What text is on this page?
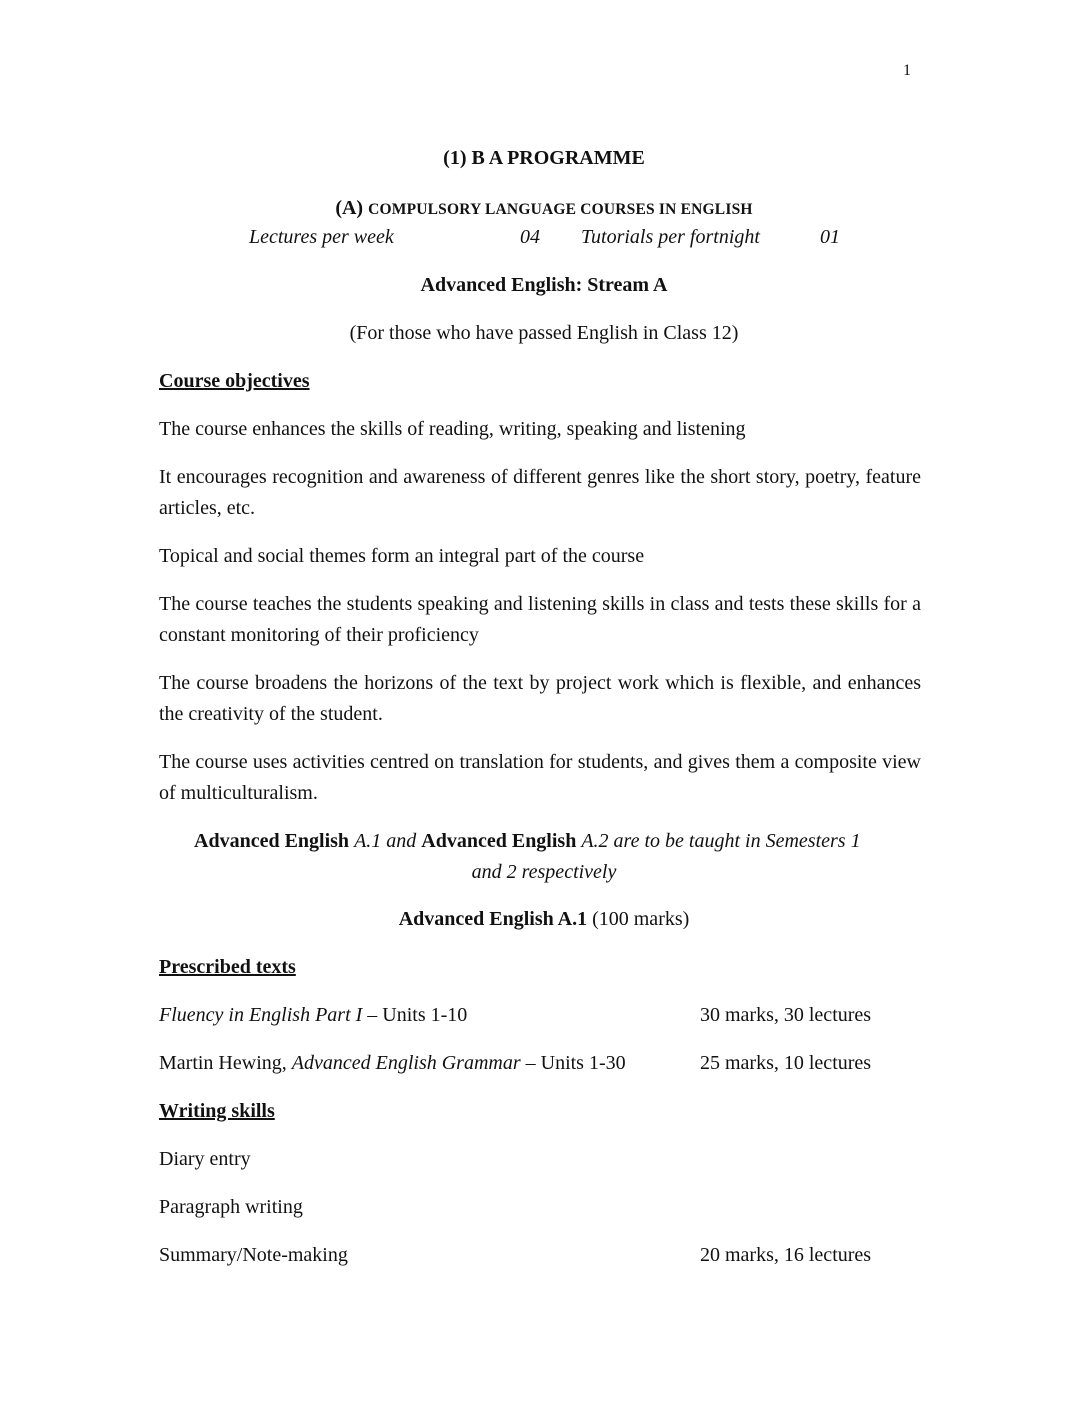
1
(1) B A PROGRAMME
(A) COMPULSORY LANGUAGE COURSES IN ENGLISH
Lectures per week	04 Tutorials per fortnight	01
Advanced English: Stream A
(For those who have passed English in Class 12)
Course objectives
The course enhances the skills of reading, writing, speaking and listening
It encourages recognition and awareness of different genres like the short story, poetry, feature articles, etc.
Topical and social themes form an integral part of the course
The course teaches the students speaking and listening skills in class and tests these skills for a constant monitoring of their proficiency
The course broadens the horizons of the text by project work which is flexible, and enhances the creativity of the student.
The course uses activities centred on translation for students, and gives them a composite view of multiculturalism.
Advanced English A.1 and Advanced English A.2 are to be taught in Semesters 1
and 2 respectively
Advanced English A.1 (100 marks)
Prescribed texts
Fluency in English Part I – Units 1-10	30 marks, 30 lectures
Martin Hewing, Advanced English Grammar – Units 1-30	25 marks, 10 lectures
Writing skills
Diary entry
Paragraph writing
Summary/Note-making	20 marks, 16 lectures
